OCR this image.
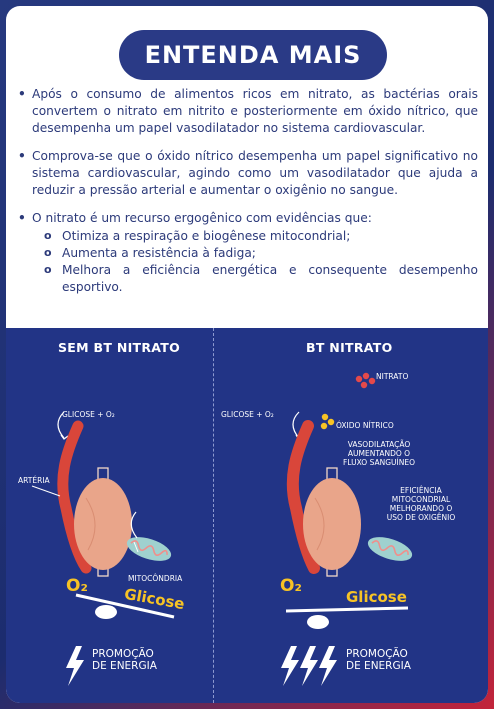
ENTENDA MAIS
• Após o consumo de alimentos ricos em nitrato, as bactérias orais convertem o nitrato em nitrito e posteriormente em óxido nítrico, que desempenha um papel vasodilatador no sistema cardiovascular.
• Comprova-se que o óxido nítrico desempenha um papel significativo no sistema cardiovascular, agindo como um vasodilatador que ajuda a reduzir a pressão arterial e aumentar o oxigênio no sangue.
• O nitrato é um recurso ergogênico com evidências que:
o Otimiza a respiração e biogênese mitocondrial;
o Aumenta a resistência à fadiga;
o Melhora a eficiência energética e consequente desempenho esportivo.
SEM BT NITRATO
GLICOSE + O₂
ARTÉRIA
MITOCÔNDRIA
O₂ Glicose
PROMOÇÃO
DE ENERGIA
BT NITRATO
NITRATO
GLICOSE + O₂
ÓXIDO NÍTRICO
VASODILATAÇÃO AUMENTANDO O FLUXO SANGUÍNEO
EFICIÊNCIA MITOCONDRIAL MELHORANDO O USO DE OXIGÊNIO
O₂
Glicose
PROMOÇÃO
DE ENERGIA
